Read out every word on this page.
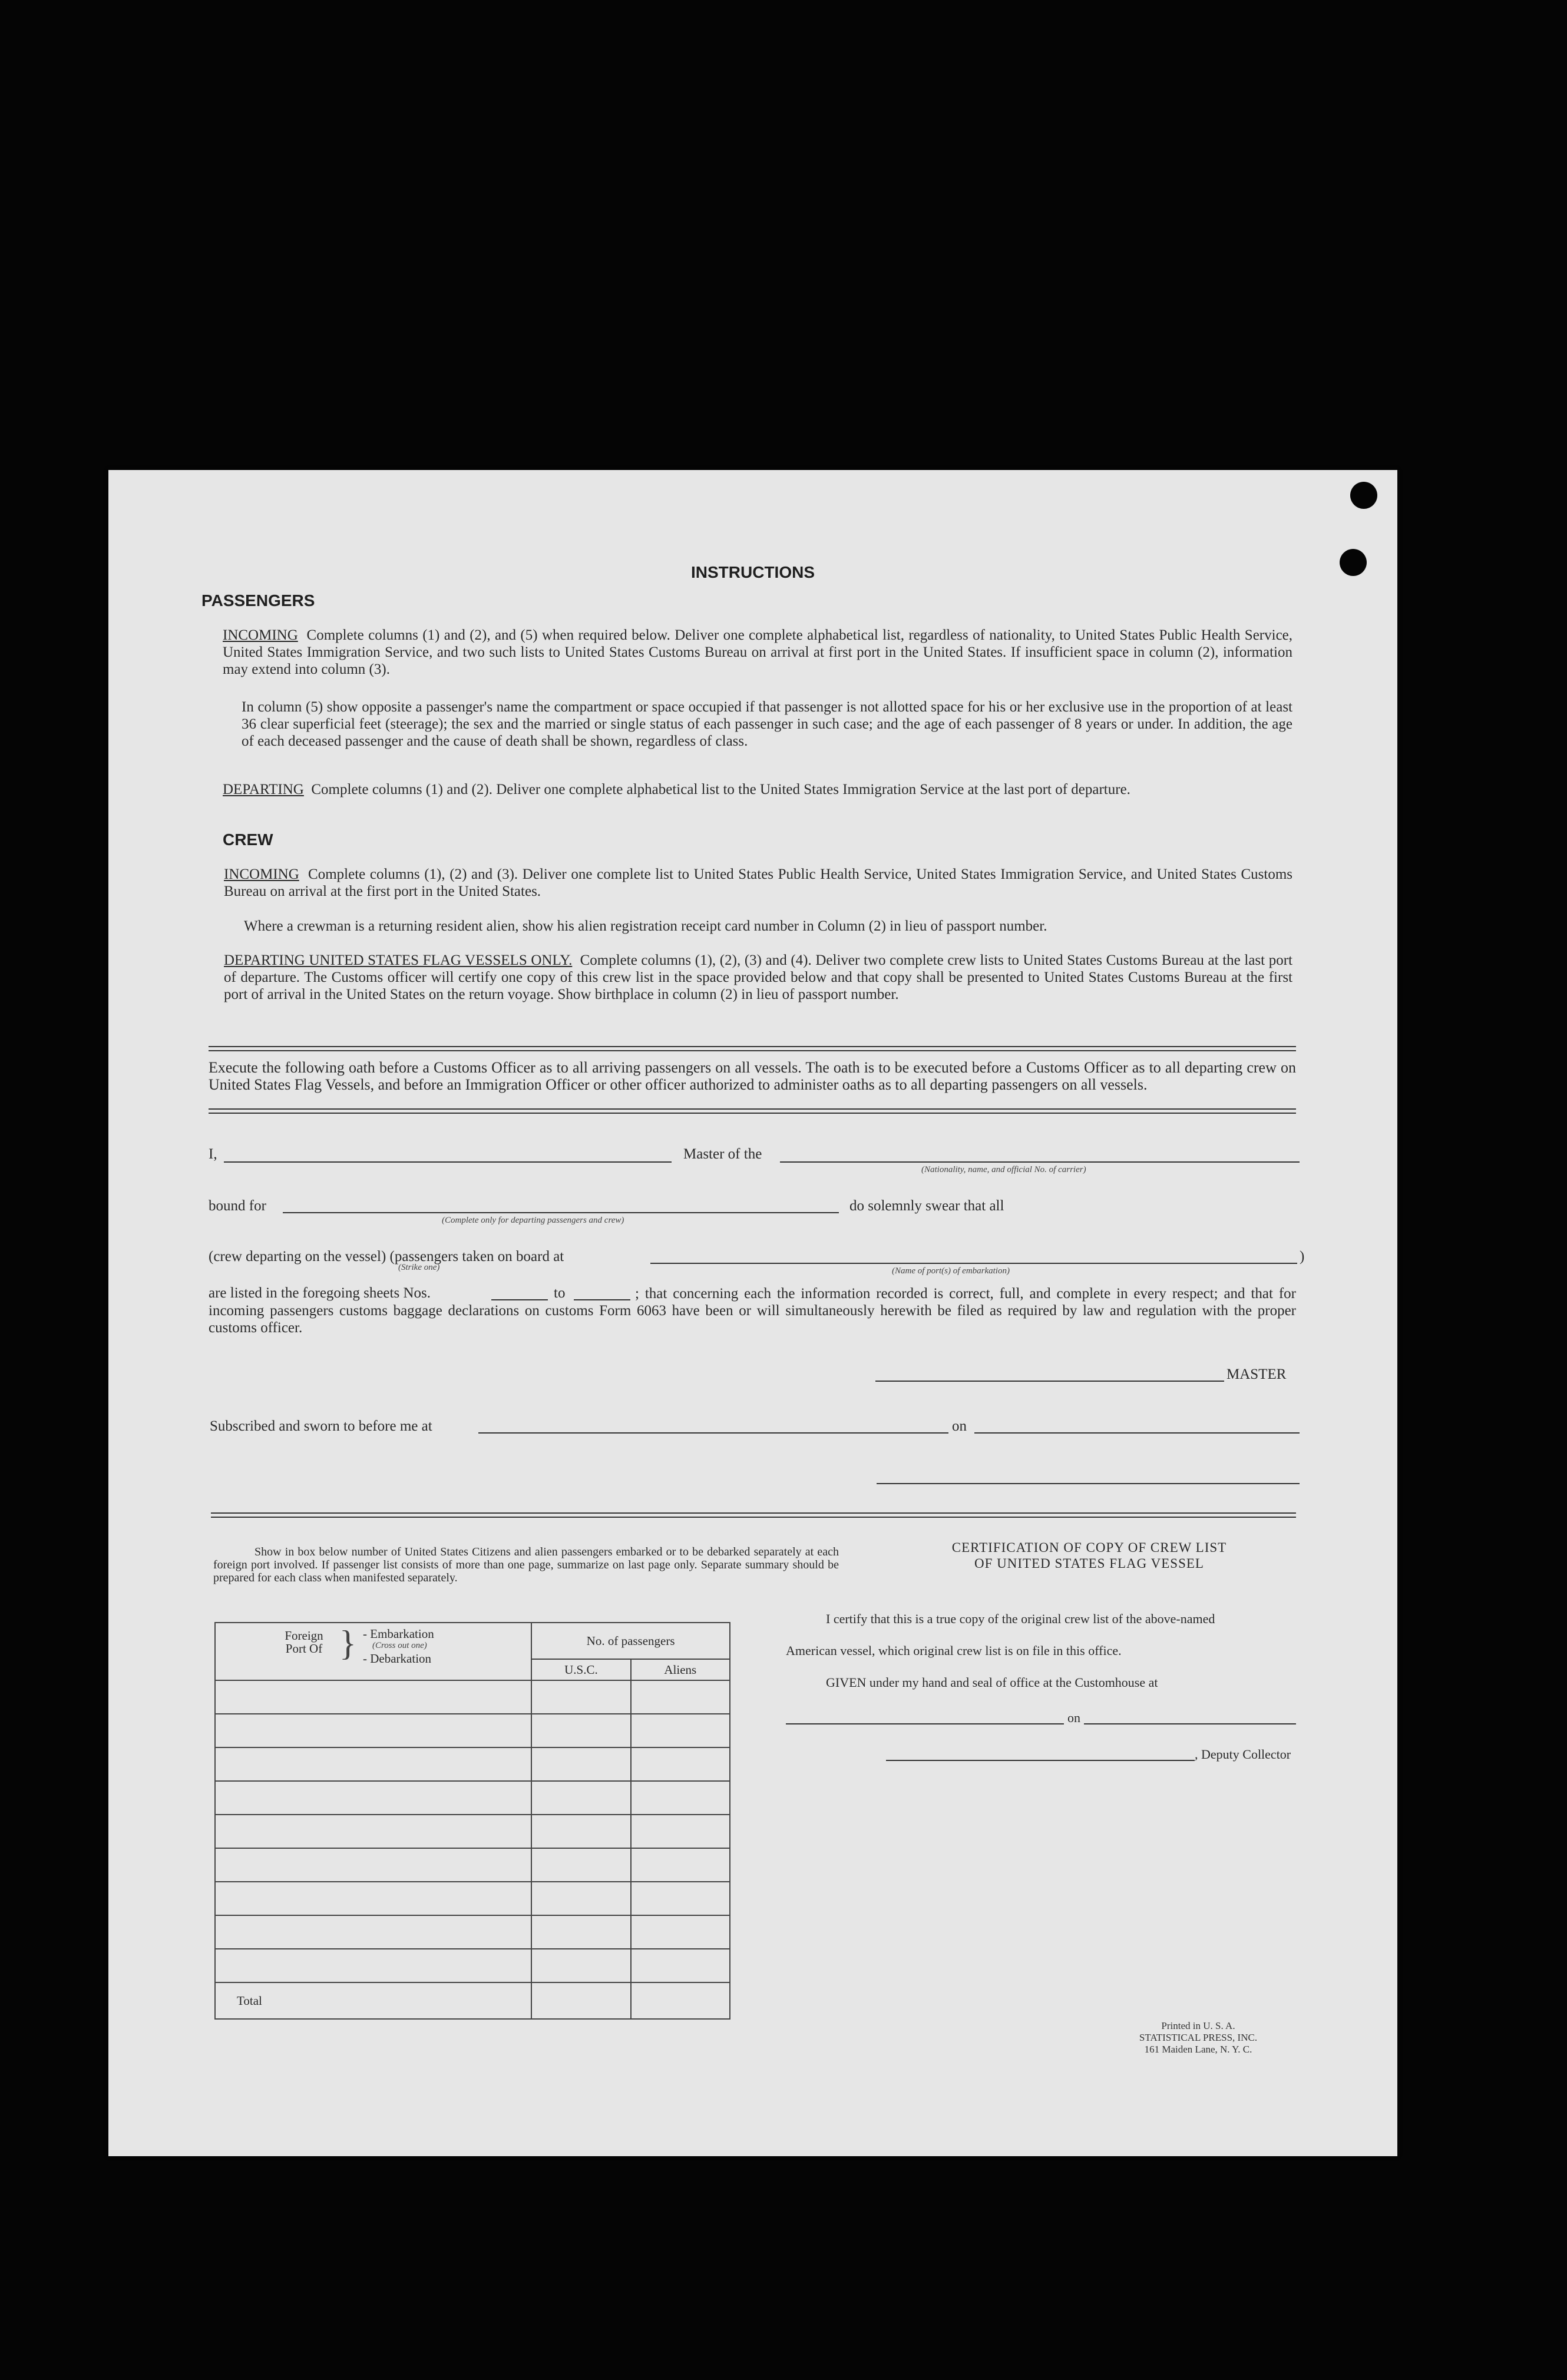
INSTRUCTIONS
PASSENGERS
INCOMING Complete columns (1) and (2), and (5) when required below. Deliver one complete alphabetical list, regardless of nationality, to United States Public Health Service, United States Immigration Service, and two such lists to United States Customs Bureau on arrival at first port in the United States. If insufficient space in column (2), information may extend into column (3).
In column (5) show opposite a passenger's name the compartment or space occupied if that passenger is not allotted space for his or her exclusive use in the proportion of at least 36 clear superficial feet (steerage); the sex and the married or single status of each passenger in such case; and the age of each passenger of 8 years or under. In addition, the age of each deceased passenger and the cause of death shall be shown, regardless of class.
DEPARTING Complete columns (1) and (2). Deliver one complete alphabetical list to the United States Immigration Service at the last port of departure.
CREW
INCOMING Complete columns (1), (2) and (3). Deliver one complete list to United States Public Health Service, United States Immigration Service, and United States Customs Bureau on arrival at the first port in the United States.
Where a crewman is a returning resident alien, show his alien registration receipt card number in Column (2) in lieu of passport number.
DEPARTING UNITED STATES FLAG VESSELS ONLY. Complete columns (1), (2), (3) and (4). Deliver two complete crew lists to United States Customs Bureau at the last port of departure. The Customs officer will certify one copy of this crew list in the space provided below and that copy shall be presented to United States Customs Bureau at the first port of arrival in the United States on the return voyage. Show birthplace in column (2) in lieu of passport number.
Execute the following oath before a Customs Officer as to all arriving passengers on all vessels. The oath is to be executed before a Customs Officer as to all departing crew on United States Flag Vessels, and before an Immigration Officer or other officer authorized to administer oaths as to all departing passengers on all vessels.
I,	Master of the
(Nationality, name, and official No. of carrier)
bound for
(Complete only for departing passengers and crew)
do solemnly swear that all
(crew departing on the vessel) (passengers taken on board at
(Strike one)	(Name of port(s) of embarkation)
)
are listed in the foregoing sheets Nos.	to	; that concerning each the information recorded is correct, full, and complete in every respect; and that for incoming passengers customs baggage declarations on customs Form 6063 have been or will simultaneously herewith be filed as required by law and regulation with the proper customs officer.
MASTER
Subscribed and sworn to before me at	on
Show in box below number of United States Citizens and alien passengers embarked or to be debarked separately at each foreign port involved. If passenger list consists of more than one page, summarize on last page only. Separate summary should be prepared for each class when manifested separately.
Foreign Port Of } - Embarkation
(Cross out one)
- Debarkation	No. of passengers	
	U.S.C.	Aliens

Total		
CERTIFICATION OF COPY OF CREW LIST
OF UNITED STATES FLAG VESSEL
I certify that this is a true copy of the original crew list of the above-named
American vessel, which original crew list is on file in this office.
GIVEN under my hand and seal of office at the Customhouse at
on
, Deputy Collector
Printed in U. S. A.
STATISTICAL PRESS, INC.
161 Maiden Lane, N. Y. C.
